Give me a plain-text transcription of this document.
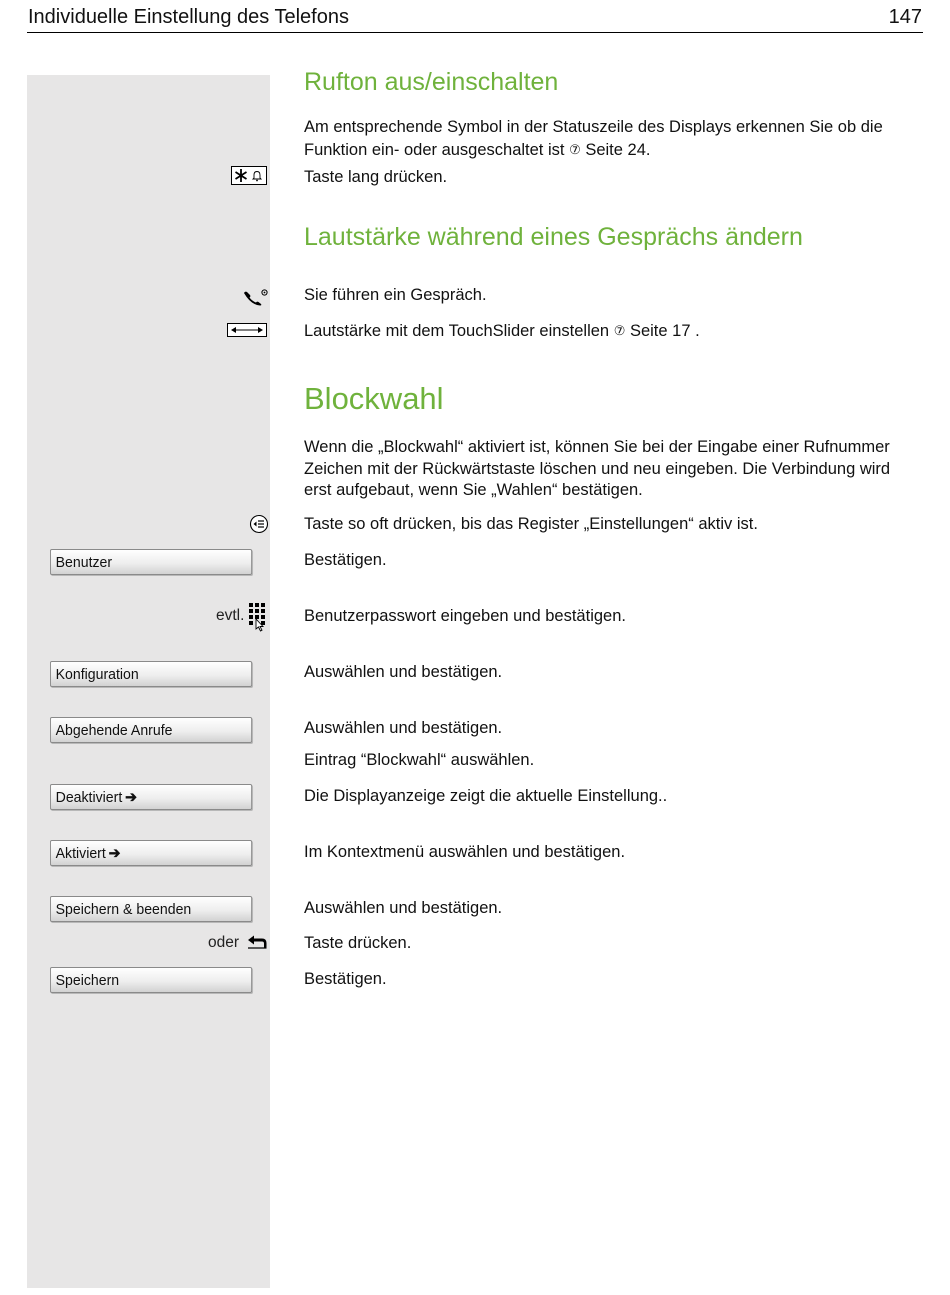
Individuelle Einstellung des Telefons	147
Rufton aus/einschalten
Am entsprechende Symbol in der Statuszeile des Displays erkennen Sie ob die
Funktion ein- oder ausgeschaltet ist ⑦ Seite 24.
Taste lang drücken.
Lautstärke während eines Gesprächs ändern
Sie führen ein Gespräch.
Lautstärke mit dem TouchSlider einstellen ⑦ Seite 17 .
Blockwahl
Wenn die „Blockwahl“ aktiviert ist, können Sie bei der Eingabe einer Rufnummer
Zeichen mit der Rückwärtstaste löschen und neu eingeben. Die Verbindung wird
erst aufgebaut, wenn Sie „Wahlen“ bestätigen.
Taste so oft drücken, bis das Register „Einstellungen“ aktiv ist.
Benutzer	Bestätigen.
evtl.	Benutzerpasswort eingeben und bestätigen.
Konfiguration	Auswählen und bestätigen.
Abgehende Anrufe	Auswählen und bestätigen.
Eintrag “Blockwahl“ auswählen.
Deaktiviert ➔	Die Displayanzeige zeigt die aktuelle Einstellung..
Aktiviert ➔	Im Kontextmenü auswählen und bestätigen.
Speichern & beenden	Auswählen und bestätigen.
oder	Taste drücken.
Speichern	Bestätigen.
